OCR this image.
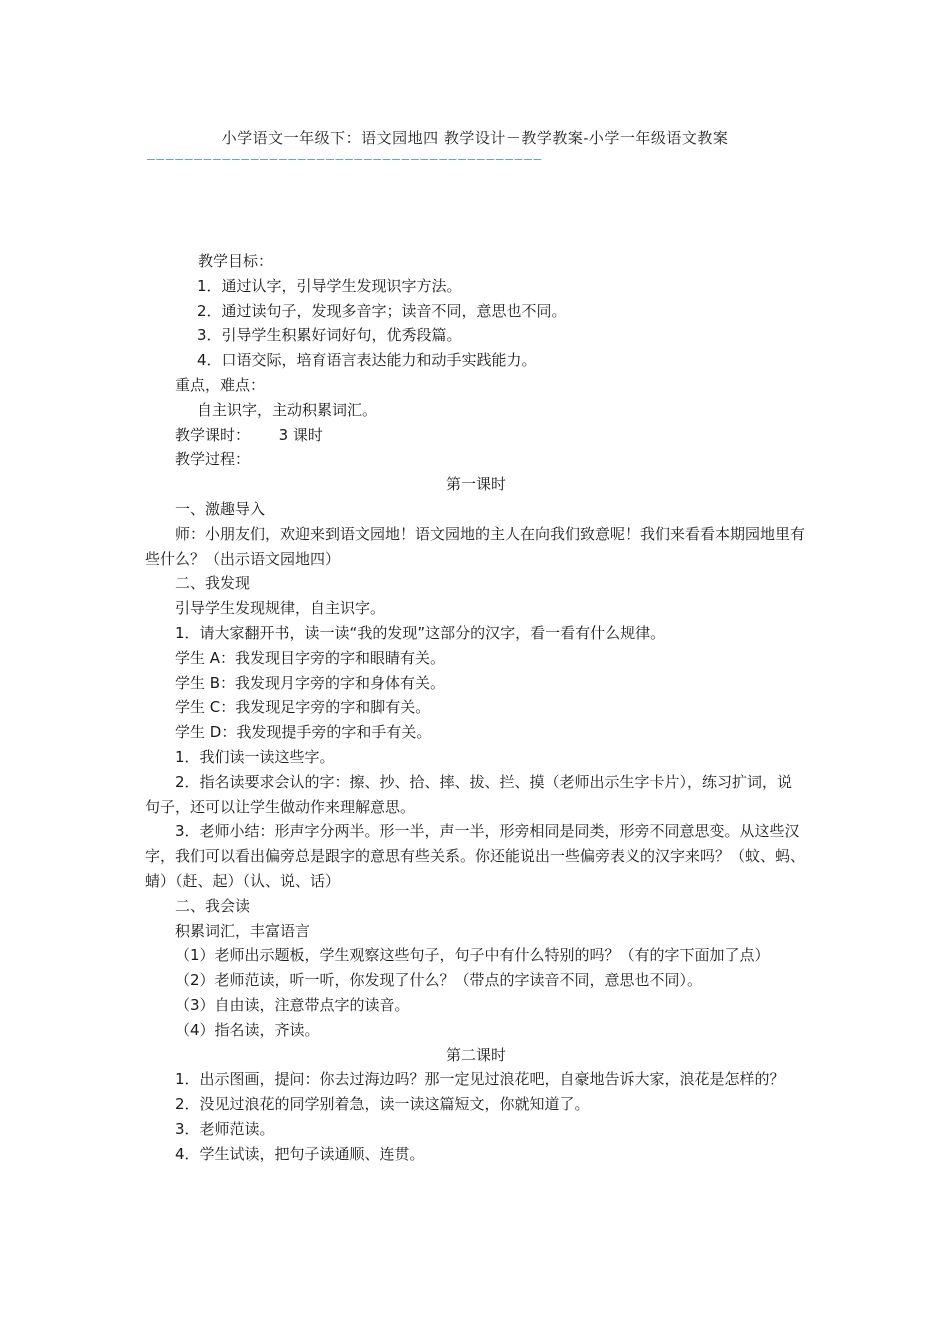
小学语文一年级下：语文园地四 教学设计－教学教案-小学一年级语文教案
——————————————————————————————————————————

教学目标：

1．通过认字，引导学生发现识字方法。

2．通过读句子，发现多音字；读音不同，意思也不同。

3．引导学生积累好词好句，优秀段篇。

4．口语交际，培育语言表达能力和动手实践能力。

重点，难点：

自主识字，主动积累词汇。

教学课时： 3 课时

教学过程：

第一课时

一、激趣导入

师：小朋友们，欢迎来到语文园地！语文园地的主人在向我们致意呢！我们来看看本期园地里有些什么？（出示语文园地四）

二、我发现

引导学生发现规律，自主识字。

1．请大家翻开书，读一读“我的发现”这部分的汉字，看一看有什么规律。

学生 A：我发现目字旁的字和眼睛有关。

学生 B：我发现月字旁的字和身体有关。

学生 C：我发现足字旁的字和脚有关。

学生 D：我发现提手旁的字和手有关。

1．我们读一读这些字。

2．指名读要求会认的字：擦、抄、拾、摔、拔、拦、摸（老师出示生字卡片），练习扩词，说句子，还可以让学生做动作来理解意思。

3．老师小结：形声字分两半。形一半，声一半，形旁相同是同类，形旁不同意思变。从这些汉字，我们可以看出偏旁总是跟字的意思有些关系。你还能说出一些偏旁表义的汉字来吗？（蚊、蚂、蜻）（赶、起）（认、说、话）

二、我会读

积累词汇，丰富语言

（1）老师出示题板，学生观察这些句子，句子中有什么特别的吗？（有的字下面加了点）

（2）老师范读，听一听，你发现了什么？（带点的字读音不同，意思也不同）。

（3）自由读，注意带点字的读音。

（4）指名读，齐读。

第二课时

1．出示图画，提问：你去过海边吗？那一定见过浪花吧，自豪地告诉大家，浪花是怎样的？

2．没见过浪花的同学别着急，读一读这篇短文，你就知道了。

3．老师范读。

4．学生试读，把句子读通顺、连贯。
